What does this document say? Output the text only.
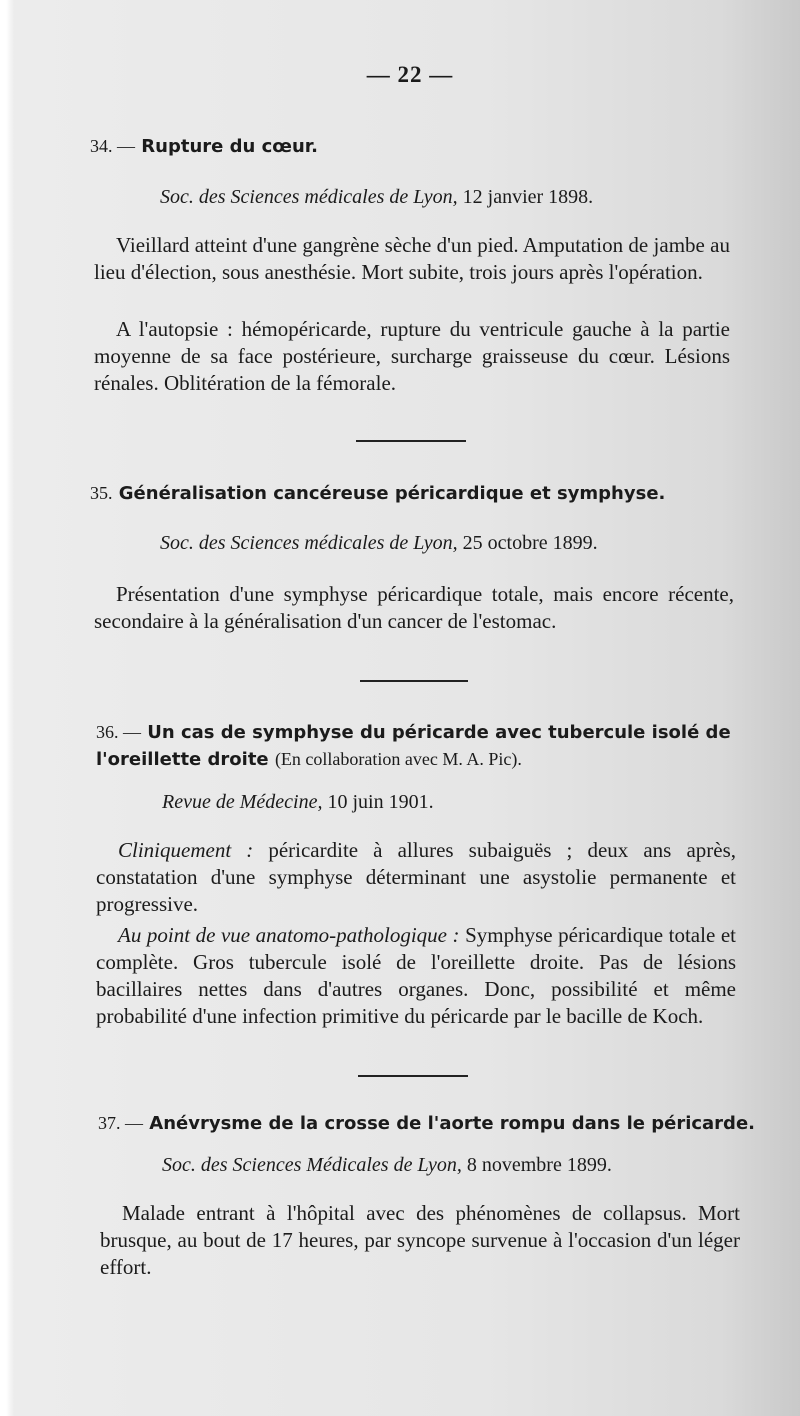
— 22 —
34. — Rupture du cœur.
Soc. des Sciences médicales de Lyon, 12 janvier 1898.

Vieillard atteint d'une gangrène sèche d'un pied. Amputation de jambe au lieu d'élection, sous anesthésie. Mort subite, trois jours après l'opération.

A l'autopsie : hémopéricarde, rupture du ventricule gauche à la partie moyenne de sa face postérieure, surcharge graisseuse du cœur. Lésions rénales. Oblitération de la fémorale.

35. Généralisation cancéreuse péricardique et symphyse.
Soc. des Sciences médicales de Lyon, 25 octobre 1899.

Présentation d'une symphyse péricardique totale, mais encore récente, secondaire à la généralisation d'un cancer de l'estomac.

36. — Un cas de symphyse du péricarde avec tubercule isolé de l'oreillette droite (En collaboration avec M. A. Pic).
Revue de Médecine, 10 juin 1901.

Cliniquement : péricardite à allures subaiguës ; deux ans après, constatation d'une symphyse déterminant une asystolie permanente et progressive.

Au point de vue anatomo-pathologique : Symphyse péricardique totale et complète. Gros tubercule isolé de l'oreillette droite. Pas de lésions bacillaires nettes dans d'autres organes. Donc, possibilité et même probabilité d'une infection primitive du péricarde par le bacille de Koch.

37. — Anévrysme de la crosse de l'aorte rompu dans le péricarde.
Soc. des Sciences Médicales de Lyon, 8 novembre 1899.

Malade entrant à l'hôpital avec des phénomènes de collapsus. Mort brusque, au bout de 17 heures, par syncope survenue à l'occasion d'un léger effort.
